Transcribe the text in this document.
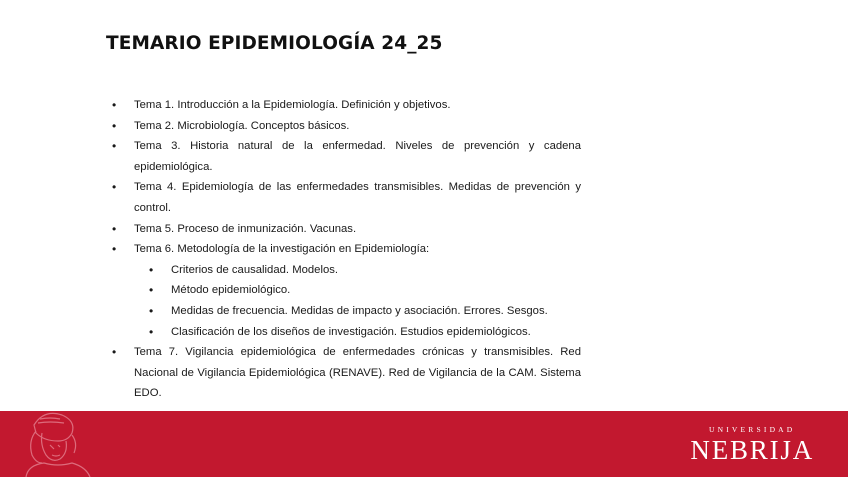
TEMARIO EPIDEMIOLOGÍA 24_25
• Tema 1. Introducción a la Epidemiología. Definición y objetivos.
• Tema 2. Microbiología. Conceptos básicos.
• Tema 3. Historia natural de la enfermedad. Niveles de prevención y cadena epidemiológica.
• Tema 4. Epidemiología de las enfermedades transmisibles. Medidas de prevención y control.
• Tema 5. Proceso de inmunización. Vacunas.
• Tema 6. Metodología de la investigación en Epidemiología:
• Criterios de causalidad. Modelos.
• Método epidemiológico.
• Medidas de frecuencia. Medidas de impacto y asociación. Errores. Sesgos.
• Clasificación de los diseños de investigación. Estudios epidemiológicos.
• Tema 7. Vigilancia epidemiológica de enfermedades crónicas y transmisibles. Red Nacional de Vigilancia Epidemiológica (RENAVE). Red de Vigilancia de la CAM. Sistema EDO.
UNIVERSIDAD
NEBRIJA
